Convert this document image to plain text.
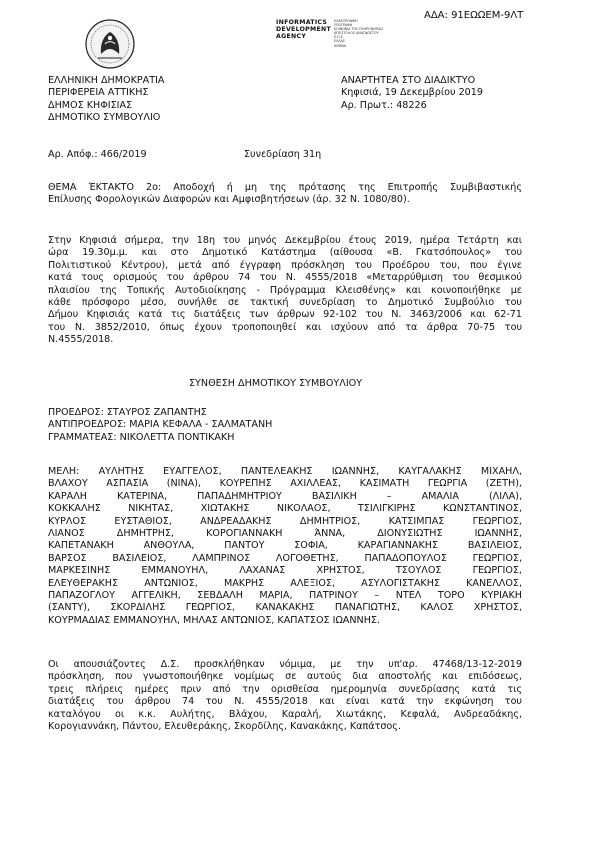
ΑΔΑ: 91ΕΩΩΕΜ-9ΛΤ
INFORMATICS
DEVELOPMENT
AGENCY
ΗΛΕΚΤΡΟΝΙΚΗ
ΥΠΟΓΡΑΦΗ
ΚΟΙΝΩΝΙΑ ΤΗΣ ΠΛΗΡΟΦΟΡΙΑΣ
ΑΠΟΣΤΟΛΟΣ ΑΝΑΓΝΩΣΤΟΥ
Ε.Π.Ε.
ΕΛΛΑΣ
ΑΘΗΝΑ
ΕΛΛΗΝΙΚΗ ΔΗΜΟΚΡΑΤΙΑ
ΠΕΡΙΦΕΡΕΙΑ ΑΤΤΙΚΗΣ
ΔΗΜΟΣ ΚΗΦΙΣΙΑΣ
ΔΗΜΟΤΙΚΟ ΣΥΜΒΟΥΛΙΟ
ΑΝΑΡΤΗΤΕΑ ΣΤΟ ΔΙΑΔΙΚΤΥΟ
Κηφισιά, 19 Δεκεμβρίου 2019
Αρ. Πρωτ.: 48226
Αρ. Απόφ.: 466/2019	Συνεδρίαση 31η
ΘΕΜΑ ΈΚΤΑΚΤΟ 2ο: Αποδοχή ή μη της πρότασης της Επιτροπής Συμβιβαστικής
Επίλυσης Φορολογικών Διαφορών και Αμφισβητήσεων (άρ. 32 Ν. 1080/80).
Στην Κηφισιά σήμερα, την 18η του μηνός Δεκεμβρίου έτους 2019, ημέρα Τετάρτη και
ώρα 19.30μ.μ. και στο Δημοτικό Κατάστημα (αίθουσα «Β. Γκατσόπουλος» του
Πολιτιστικού Κέντρου), μετά από έγγραφη πρόσκληση του Προέδρου του, που έγινε
κατά τους ορισμούς του άρθρου 74 του Ν. 4555/2018 «Μεταρρύθμιση του θεσμικού
πλαισίου της Τοπικής Αυτοδιοίκησης - Πρόγραμμα Κλεισθένης» και κοινοποιήθηκε με
κάθε πρόσφορο μέσο, συνήλθε σε τακτική συνεδρίαση το Δημοτικό Συμβούλιο του
Δήμου Κηφισιάς κατά τις διατάξεις των άρθρων 92-102 του Ν. 3463/2006 και 62-71
του Ν. 3852/2010, όπως έχουν τροποποιηθεί και ισχύουν από τα άρθρα 70-75 του
Ν.4555/2018.
ΣΥΝΘΕΣΗ ΔΗΜΟΤΙΚΟΥ ΣΥΜΒΟΥΛΙΟΥ
ΠΡΟΕΔΡΟΣ: ΣΤΑΥΡΟΣ ΖΑΠΑΝΤΗΣ
ΑΝΤΙΠΡΟΕΔΡΟΣ: ΜΑΡΙΑ ΚΕΦΑΛΑ - ΣΑΛΜΑΤΑΝΗ
ΓΡΑΜΜΑΤΕΑΣ: ΝΙΚΟΛΕΤΤΑ ΠΟΝΤΙΚΑΚΗ
ΜΕΛΗ: ΑΥΛΗΤΗΣ ΕΥΑΓΓΕΛΟΣ, ΠΑΝΤΕΛΕΑΚΗΣ ΙΩΑΝΝΗΣ, ΚΑΥΓΑΛΑΚΗΣ ΜΙΧΑΗΛ,
ΒΛΑΧΟΥ ΑΣΠΑΣΙΑ (ΝΙΝΑ), ΚΟΥΡΕΠΗΣ ΑΧΙΛΛΕΑΣ, ΚΑΣΙΜΑΤΗ ΓΕΩΡΓΙΑ (ΖΕΤΗ),
ΚΑΡΑΛΗ ΚΑΤΕΡΙΝΑ, ΠΑΠΑΔΗΜΗΤΡΙΟΥ ΒΑΣΙΛΙΚΗ – ΑΜΑΛΙΑ (ΛΙΛΑ),
ΚΟΚΚΑΛΗΣ ΝΙΚΗΤΑΣ, ΧΙΩΤΑΚΗΣ ΝΙΚΟΛΑΟΣ, ΤΣΙΛΙΓΚΙΡΗΣ ΚΩΝΣΤΑΝΤΙΝΟΣ,
ΚΥΡΛΟΣ ΕΥΣΤΑΘΙΟΣ, ΑΝΔΡΕΑΔΑΚΗΣ ΔΗΜΗΤΡΙΟΣ, ΚΑΤΣΙΜΠΑΣ ΓΕΩΡΓΙΟΣ,
ΛΙΑΝΟΣ ΔΗΜΗΤΡΗΣ, ΚΟΡΟΓΙΑΝΝΑΚΗ ΆΝΝΑ, ΔΙΟΝΥΣΙΩΤΗΣ ΙΩΑΝΝΗΣ,
ΚΑΠΕΤΑΝΑΚΗ ΑΝΘΟΥΛΑ, ΠΑΝΤΟΥ ΣΟΦΙΑ, ΚΑΡΑΓΙΑΝΝΑΚΗΣ ΒΑΣΙΛΕΙΟΣ,
ΒΑΡΣΟΣ ΒΑΣΙΛΕΙΟΣ, ΛΑΜΠΡΙΝΟΣ ΛΟΓΟΘΕΤΗΣ, ΠΑΠΑΔΟΠΟΥΛΟΣ ΓΕΩΡΓΙΟΣ,
ΜΑΡΚΕΣΙΝΗΣ ΕΜΜΑΝΟΥΗΛ, ΛΑΧΑΝΑΣ ΧΡΗΣΤΟΣ, ΤΣΟΥΛΟΣ ΓΕΩΡΓΙΟΣ,
ΕΛΕΥΘΕΡΑΚΗΣ ΑΝΤΩΝΙΟΣ, ΜΑΚΡΗΣ ΑΛΕΞΙΟΣ, ΑΣΥΛΟΓΙΣΤΑΚΗΣ ΚΑΝΕΛΛΟΣ,
ΠΑΠΑΖΟΓΛΟΥ ΑΓΓΕΛΙΚΗ, ΣΕΒΔΑΛΗ ΜΑΡΙΑ, ΠΑΤΡΙΝΟΥ – ΝΤΕΛ ΤΟΡΟ ΚΥΡΙΑΚΗ
(ΣΑΝΤΥ), ΣΚΟΡΔΙΛΗΣ ΓΕΩΡΓΙΟΣ, ΚΑΝΑΚΑΚΗΣ ΠΑΝΑΓΙΩΤΗΣ, ΚΑΛΟΣ ΧΡΗΣΤΟΣ,
ΚΟΥΡΜΑΔΙΑΣ ΕΜΜΑΝΟΥΗΛ, ΜΗΛΑΣ ΑΝΤΩΝΙΟΣ, ΚΑΠΑΤΣΟΣ ΙΩΑΝΝΗΣ.
Οι απουσιάζοντες Δ.Σ. προσκλήθηκαν νόμιμα, με την υπ'αρ. 47468/13-12-2019
πρόσκληση, που γνωστοποιήθηκε νομίμως σε αυτούς δια αποστολής και επιδόσεως,
τρεις πλήρεις ημέρες πριν από την ορισθείσα ημερομηνία συνεδρίασης κατά τις
διατάξεις του άρθρου 74 του Ν. 4555/2018 και είναι κατά την εκφώνηση του
καταλόγου οι κ.κ. Αυλήτης, Βλάχου, Καραλή, Χιωτάκης, Κεφαλά, Ανδρεαδάκης,
Κορογιαννάκη, Πάντου, Ελευθεράκης, Σκορδίλης, Κανακάκης, Καπάτσος.
